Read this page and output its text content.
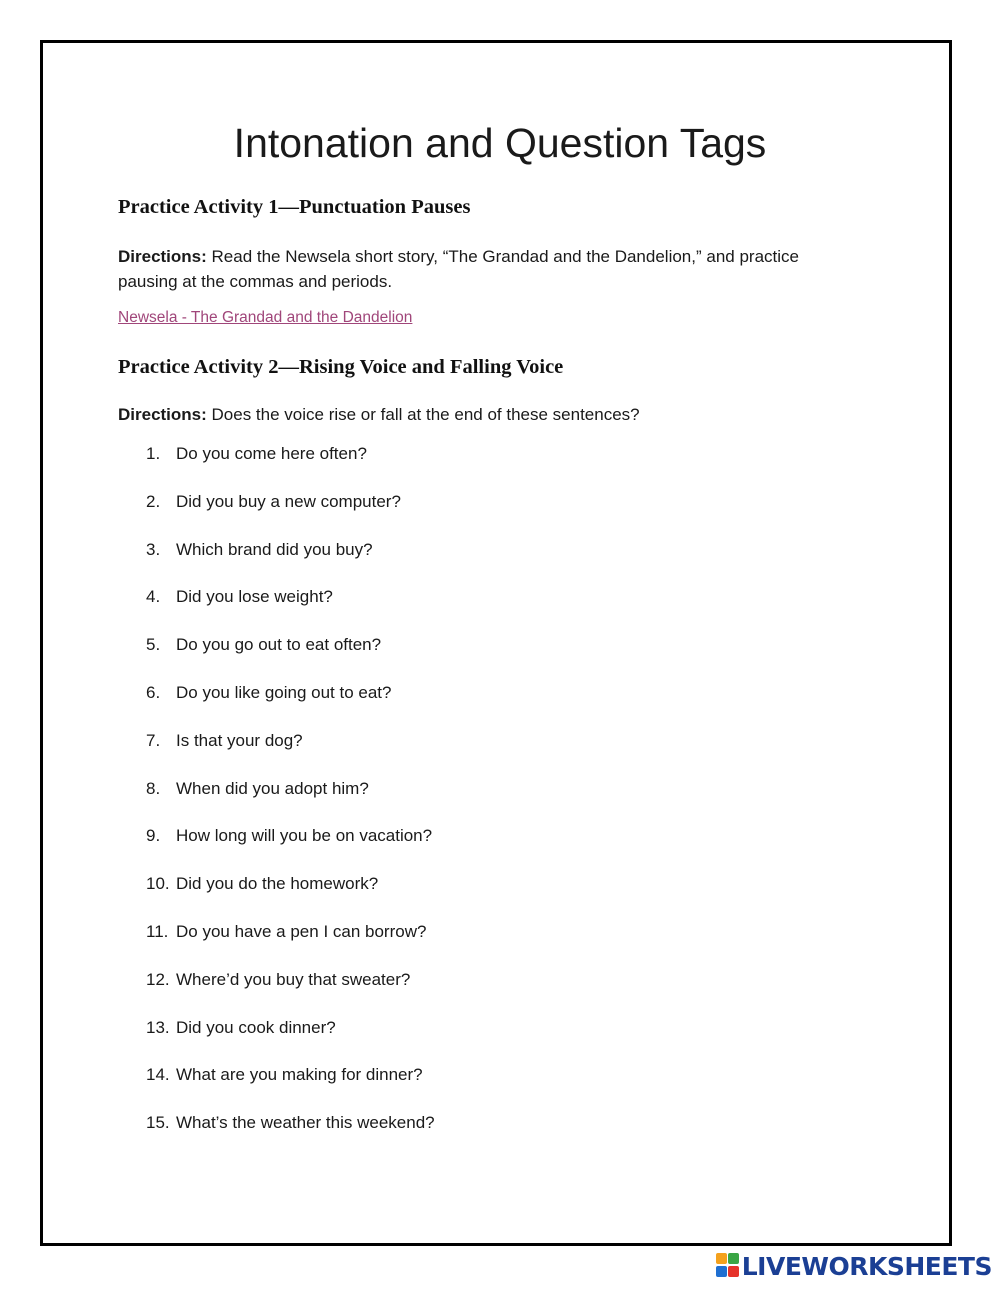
Intonation and Question Tags
Practice Activity 1—Punctuation Pauses

Directions: Read the Newsela short story, “The Grandad and the Dandelion,” and practice pausing at the commas and periods.

Newsela - The Grandad and the Dandelion
Practice Activity 2—Rising Voice and Falling Voice

Directions: Does the voice rise or fall at the end of these sentences?

1. Do you come here often?
2. Did you buy a new computer?
3. Which brand did you buy?
4. Did you lose weight?
5. Do you go out to eat often?
6. Do you like going out to eat?
7. Is that your dog?
8. When did you adopt him?
9. How long will you be on vacation?
10. Did you do the homework?
11. Do you have a pen I can borrow?
12. Where’d you buy that sweater?
13. Did you cook dinner?
14. What are you making for dinner?
15. What’s the weather this weekend?
LIVEWORKSHEETS
